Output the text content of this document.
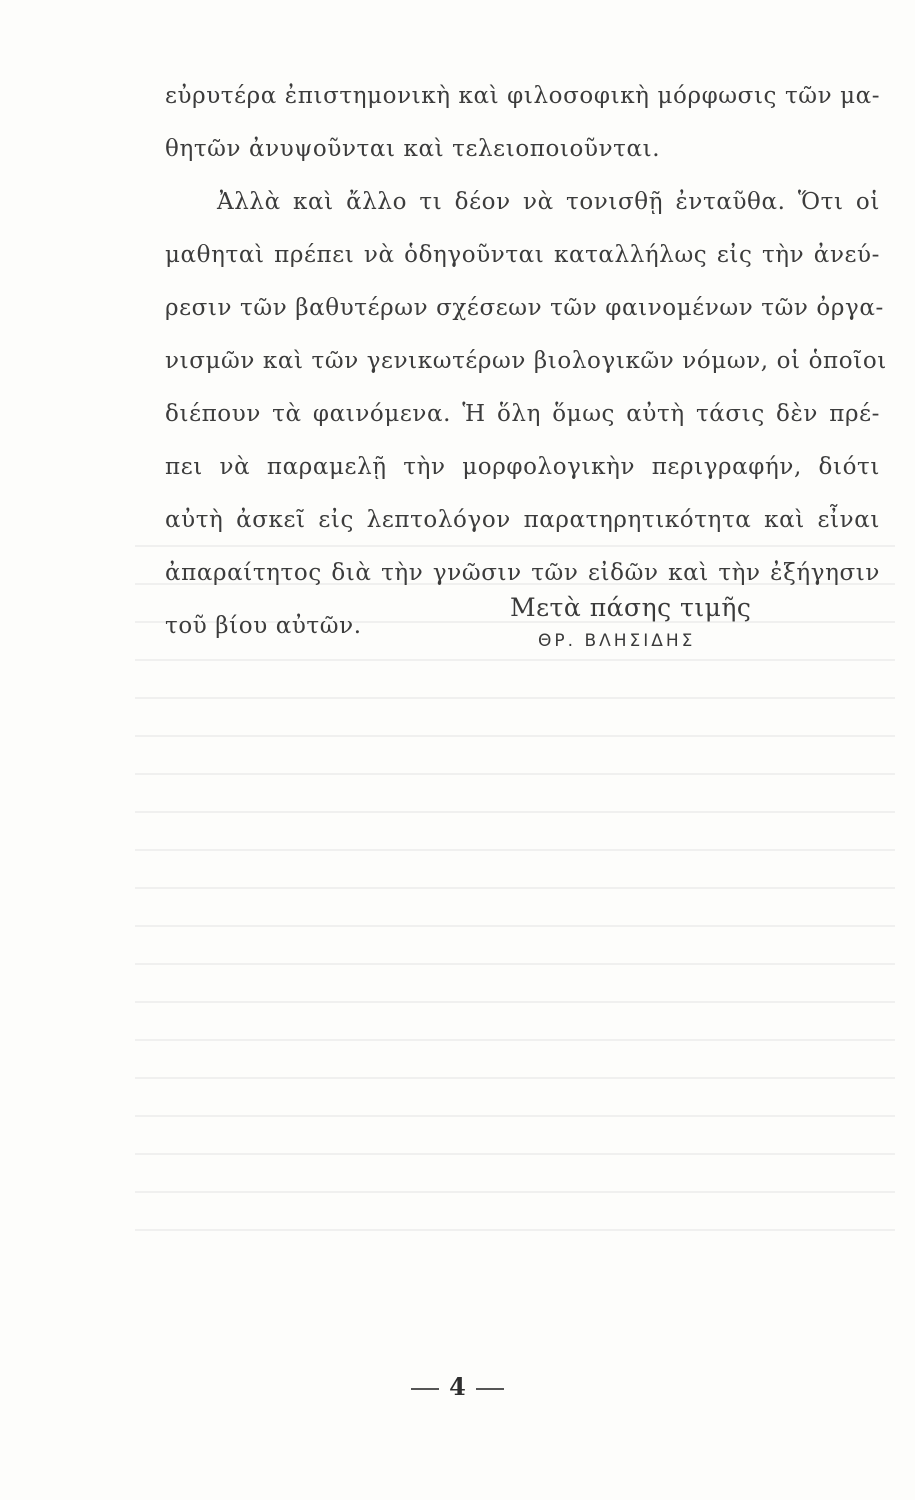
εὐρυτέρα ἐπιστημονικὴ καὶ φιλοσοφικὴ μόρφωσις τῶν μα-
θητῶν ἀνυψοῦνται καὶ τελειοποιοῦνται.
Ἀλλὰ καὶ ἄλλο τι δέον νὰ τονισθῇ ἐνταῦθα. Ὅτι οἱ
μαθηταὶ πρέπει νὰ ὁδηγοῦνται καταλλήλως εἰς τὴν ἀνεύ-
ρεσιν τῶν βαθυτέρων σχέσεων τῶν φαινομένων τῶν ὀργα-
νισμῶν καὶ τῶν γενικωτέρων βιολογικῶν νόμων, οἱ ὁποῖοι
διέπουν τὰ φαινόμενα. Ἡ ὅλη ὅμως αὐτὴ τάσις δὲν πρέ-
πει νὰ παραμελῇ τὴν μορφολογικὴν περιγραφήν, διότι
αὐτὴ ἀσκεῖ εἰς λεπτολόγον παρατηρητικότητα καὶ εἶναι
ἀπαραίτητος διὰ τὴν γνῶσιν τῶν εἰδῶν καὶ τὴν ἐξήγησιν
τοῦ βίου αὐτῶν.
Μετὰ πάσης τιμῆς
ΘΡ. ΒΛΗΣΙΔΗΣ
4
